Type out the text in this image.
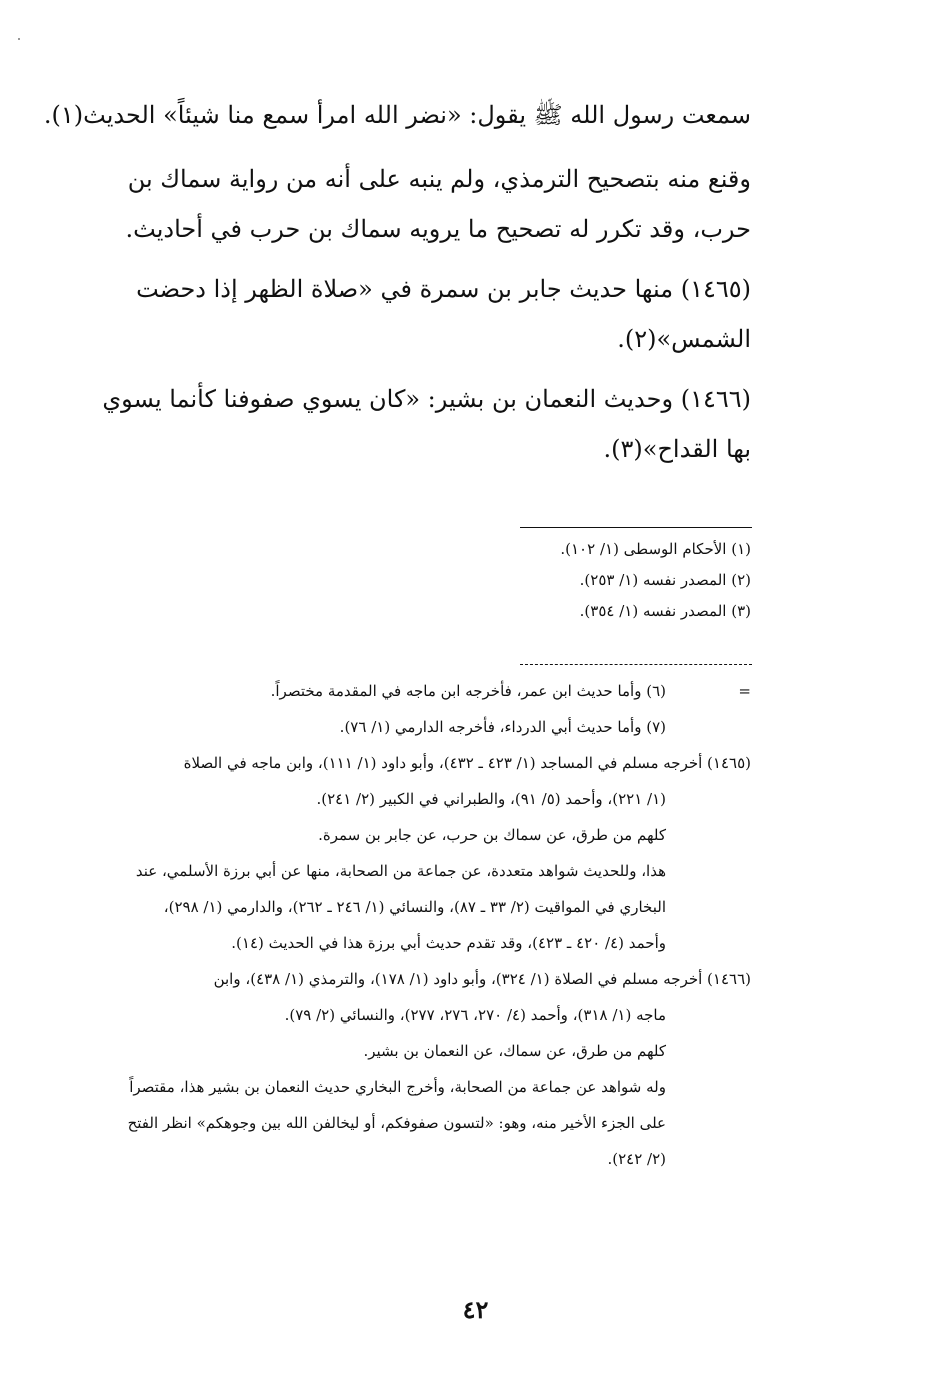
سمعت رسول الله ﷺ يقول: «نضر الله امرأ سمع منا شيئاً» الحديث(١).
وقنع منه بتصحيح الترمذي، ولم ينبه على أنه من رواية سماك بن
حرب، وقد تكرر له تصحيح ما يرويه سماك بن حرب في أحاديث.
(١٤٦٥) منها حديث جابر بن سمرة في «صلاة الظهر إذا دحضت
الشمس»(٢).
(١٤٦٦) وحديث النعمان بن بشير: «كان يسوي صفوفنا كأنما يسوي
بها القداح»(٣).
(١) الأحكام الوسطى (١/ ١٠٢).
(٢) المصدر نفسه (١/ ٢٥٣).
(٣) المصدر نفسه (١/ ٣٥٤).
=
(٦) وأما حديث ابن عمر، فأخرجه ابن ماجه في المقدمة مختصراً.
(٧) وأما حديث أبي الدرداء، فأخرجه الدارمي (١/ ٧٦).
(١٤٦٥) أخرجه مسلم في المساجد (١/ ٤٢٣ ـ ٤٣٢)، وأبو داود (١/ ١١١)، وابن ماجه في الصلاة
(١/ ٢٢١)، وأحمد (٥/ ٩١)، والطبراني في الكبير (٢/ ٢٤١).
كلهم من طرق، عن سماك بن حرب، عن جابر بن سمرة.
هذا، وللحديث شواهد متعددة، عن جماعة من الصحابة، منها عن أبي برزة الأسلمي، عند
البخاري في المواقيت (٢/ ٣٣ ـ ٨٧)، والنسائي (١/ ٢٤٦ ـ ٢٦٢)، والدارمي (١/ ٢٩٨)،
وأحمد (٤/ ٤٢٠ ـ ٤٢٣)، وقد تقدم حديث أبي برزة هذا في الحديث (١٤).
(١٤٦٦) أخرجه مسلم في الصلاة (١/ ٣٢٤)، وأبو داود (١/ ١٧٨)، والترمذي (١/ ٤٣٨)، وابن
ماجه (١/ ٣١٨)، وأحمد (٤/ ٢٧٠، ٢٧٦، ٢٧٧)، والنسائي (٢/ ٧٩).
كلهم من طرق، عن سماك، عن النعمان بن بشير.
وله شواهد عن جماعة من الصحابة، وأخرج البخاري حديث النعمان بن بشير هذا، مقتصراً
على الجزء الأخير منه، وهو: «لتسون صفوفكم، أو ليخالفن الله بين وجوهكم» انظر الفتح
(٢/ ٢٤٢).
٤٢
